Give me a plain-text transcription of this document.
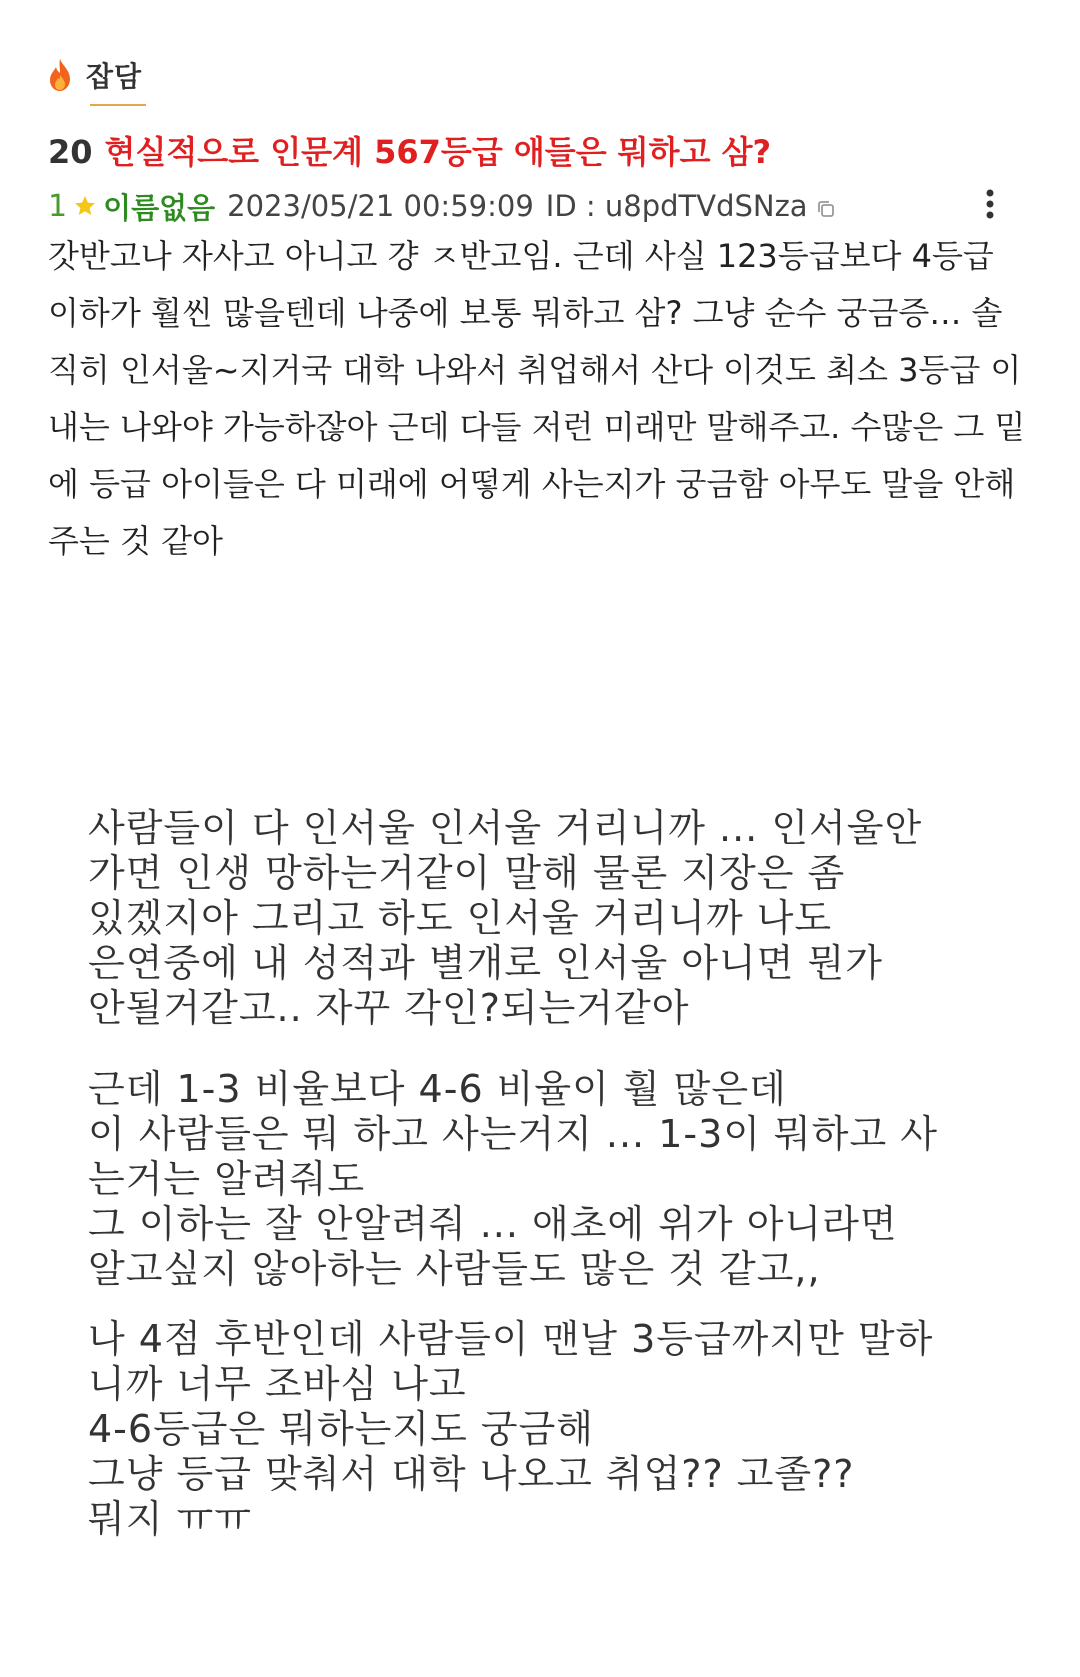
잡담
20 현실적으로 인문계 567등급 애들은 뭐하고 삼?
1 이름없음 2023/05/21 00:59:09 ID : u8pdTVdSNza

갓반고나 자사고 아니고 걍 ㅈ반고임. 근데 사실 123등급보다 4등급 이하가 훨씬 많을텐데 나중에 보통 뭐하고 삼? 그냥 순수 궁금증… 솔직히 인서울~지거국 대학 나와서 취업해서 산다 이것도 최소 3등급 이내는 나와야 가능하잖아 근데 다들 저런 미래만 말해주고. 수많은 그 밑에 등급 아이들은 다 미래에 어떻게 사는지가 궁금함 아무도 말을 안해주는 것 같아

사람들이 다 인서울 인서울 거리니까 ... 인서울안

가면 인생 망하는거같이 말해 물론 지장은 좀

있겠지아 그리고 하도 인서울 거리니까 나도

은연중에 내 성적과 별개로 인서울 아니면 뭔가

안될거같고.. 자꾸 각인?되는거같아

근데 1-3 비율보다 4-6 비율이 훨 많은데

이 사람들은 뭐 하고 사는거지 ... 1-3이 뭐하고 사

는거는 알려줘도

그 이하는 잘 안알려줘 ... 애초에 위가 아니라면

알고싶지 않아하는 사람들도 많은 것 같고,,

나 4점 후반인데 사람들이 맨날 3등급까지만 말하

니까 너무 조바심 나고

4-6등급은 뭐하는지도 궁금해

그냥 등급 맞춰서 대학 나오고 취업?? 고졸??

뭐지 ㅠㅠ
